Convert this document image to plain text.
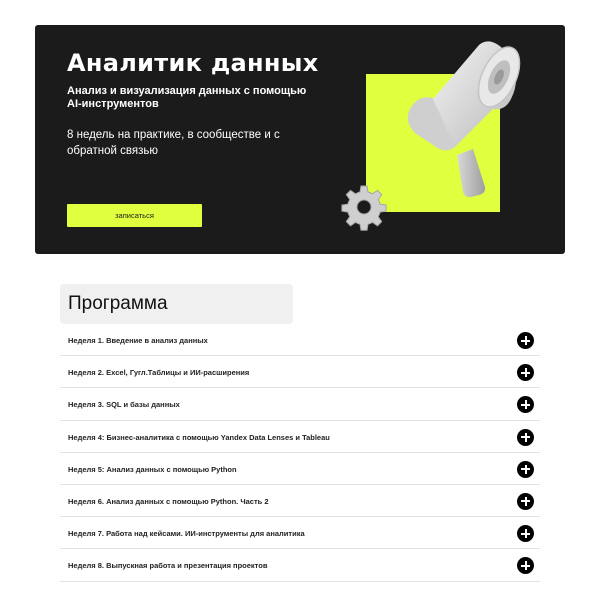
Аналитик данных

Анализ и визуализация данных с помощью AI-инструментов

8 недель на практике, в сообществе и с обратной связью

записаться
Программа
Неделя 1. Введение в анализ данных
Неделя 2. Excel, Гугл.Таблицы и ИИ-расширения
Неделя 3. SQL и базы данных
Неделя 4: Бизнес-аналитика с помощью Yandex Data Lenses и Tableau
Неделя 5: Анализ данных с помощью Python
Неделя 6. Анализ данных с помощью Python. Часть 2
Неделя 7. Работа над кейсами. ИИ-инструменты для аналитика
Неделя 8. Выпускная работа и презентация проектов
